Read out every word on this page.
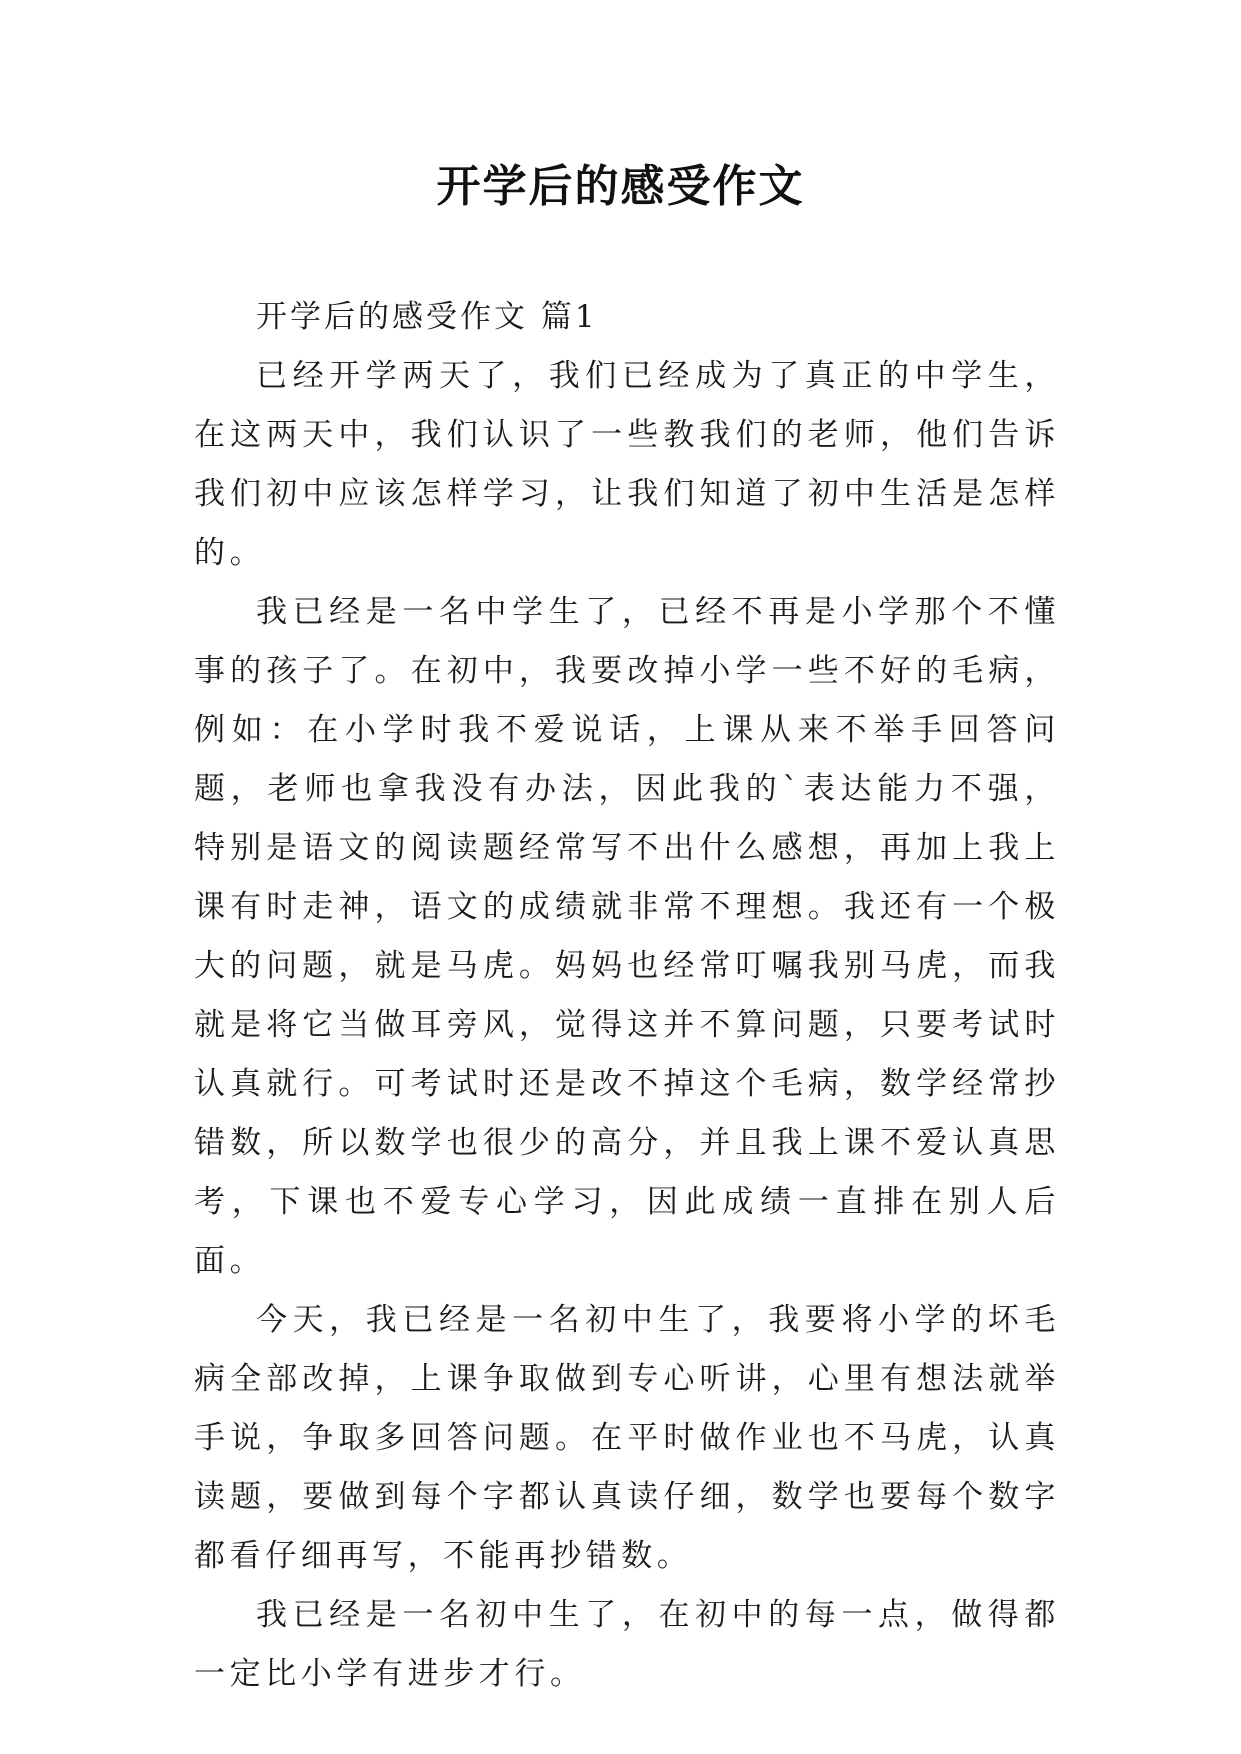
开学后的感受作文

开学后的感受作文 篇1

已经开学两天了，我们已经成为了真正的中学生，在这两天中，我们认识了一些教我们的老师，他们告诉我们初中应该怎样学习，让我们知道了初中生活是怎样的。

我已经是一名中学生了，已经不再是小学那个不懂事的孩子了。在初中，我要改掉小学一些不好的毛病，例如：在小学时我不爱说话，上课从来不举手回答问题，老师也拿我没有办法，因此我的`表达能力不强，特别是语文的阅读题经常写不出什么感想，再加上我上课有时走神，语文的成绩就非常不理想。我还有一个极大的问题，就是马虎。妈妈也经常叮嘱我别马虎，而我就是将它当做耳旁风，觉得这并不算问题，只要考试时认真就行。可考试时还是改不掉这个毛病，数学经常抄错数，所以数学也很少的高分，并且我上课不爱认真思考，下课也不爱专心学习，因此成绩一直排在别人后面。

今天，我已经是一名初中生了，我要将小学的坏毛病全部改掉，上课争取做到专心听讲，心里有想法就举手说，争取多回答问题。在平时做作业也不马虎，认真读题，要做到每个字都认真读仔细，数学也要每个数字都看仔细再写，不能再抄错数。

我已经是一名初中生了，在初中的每一点，做得都一定比小学有进步才行。
